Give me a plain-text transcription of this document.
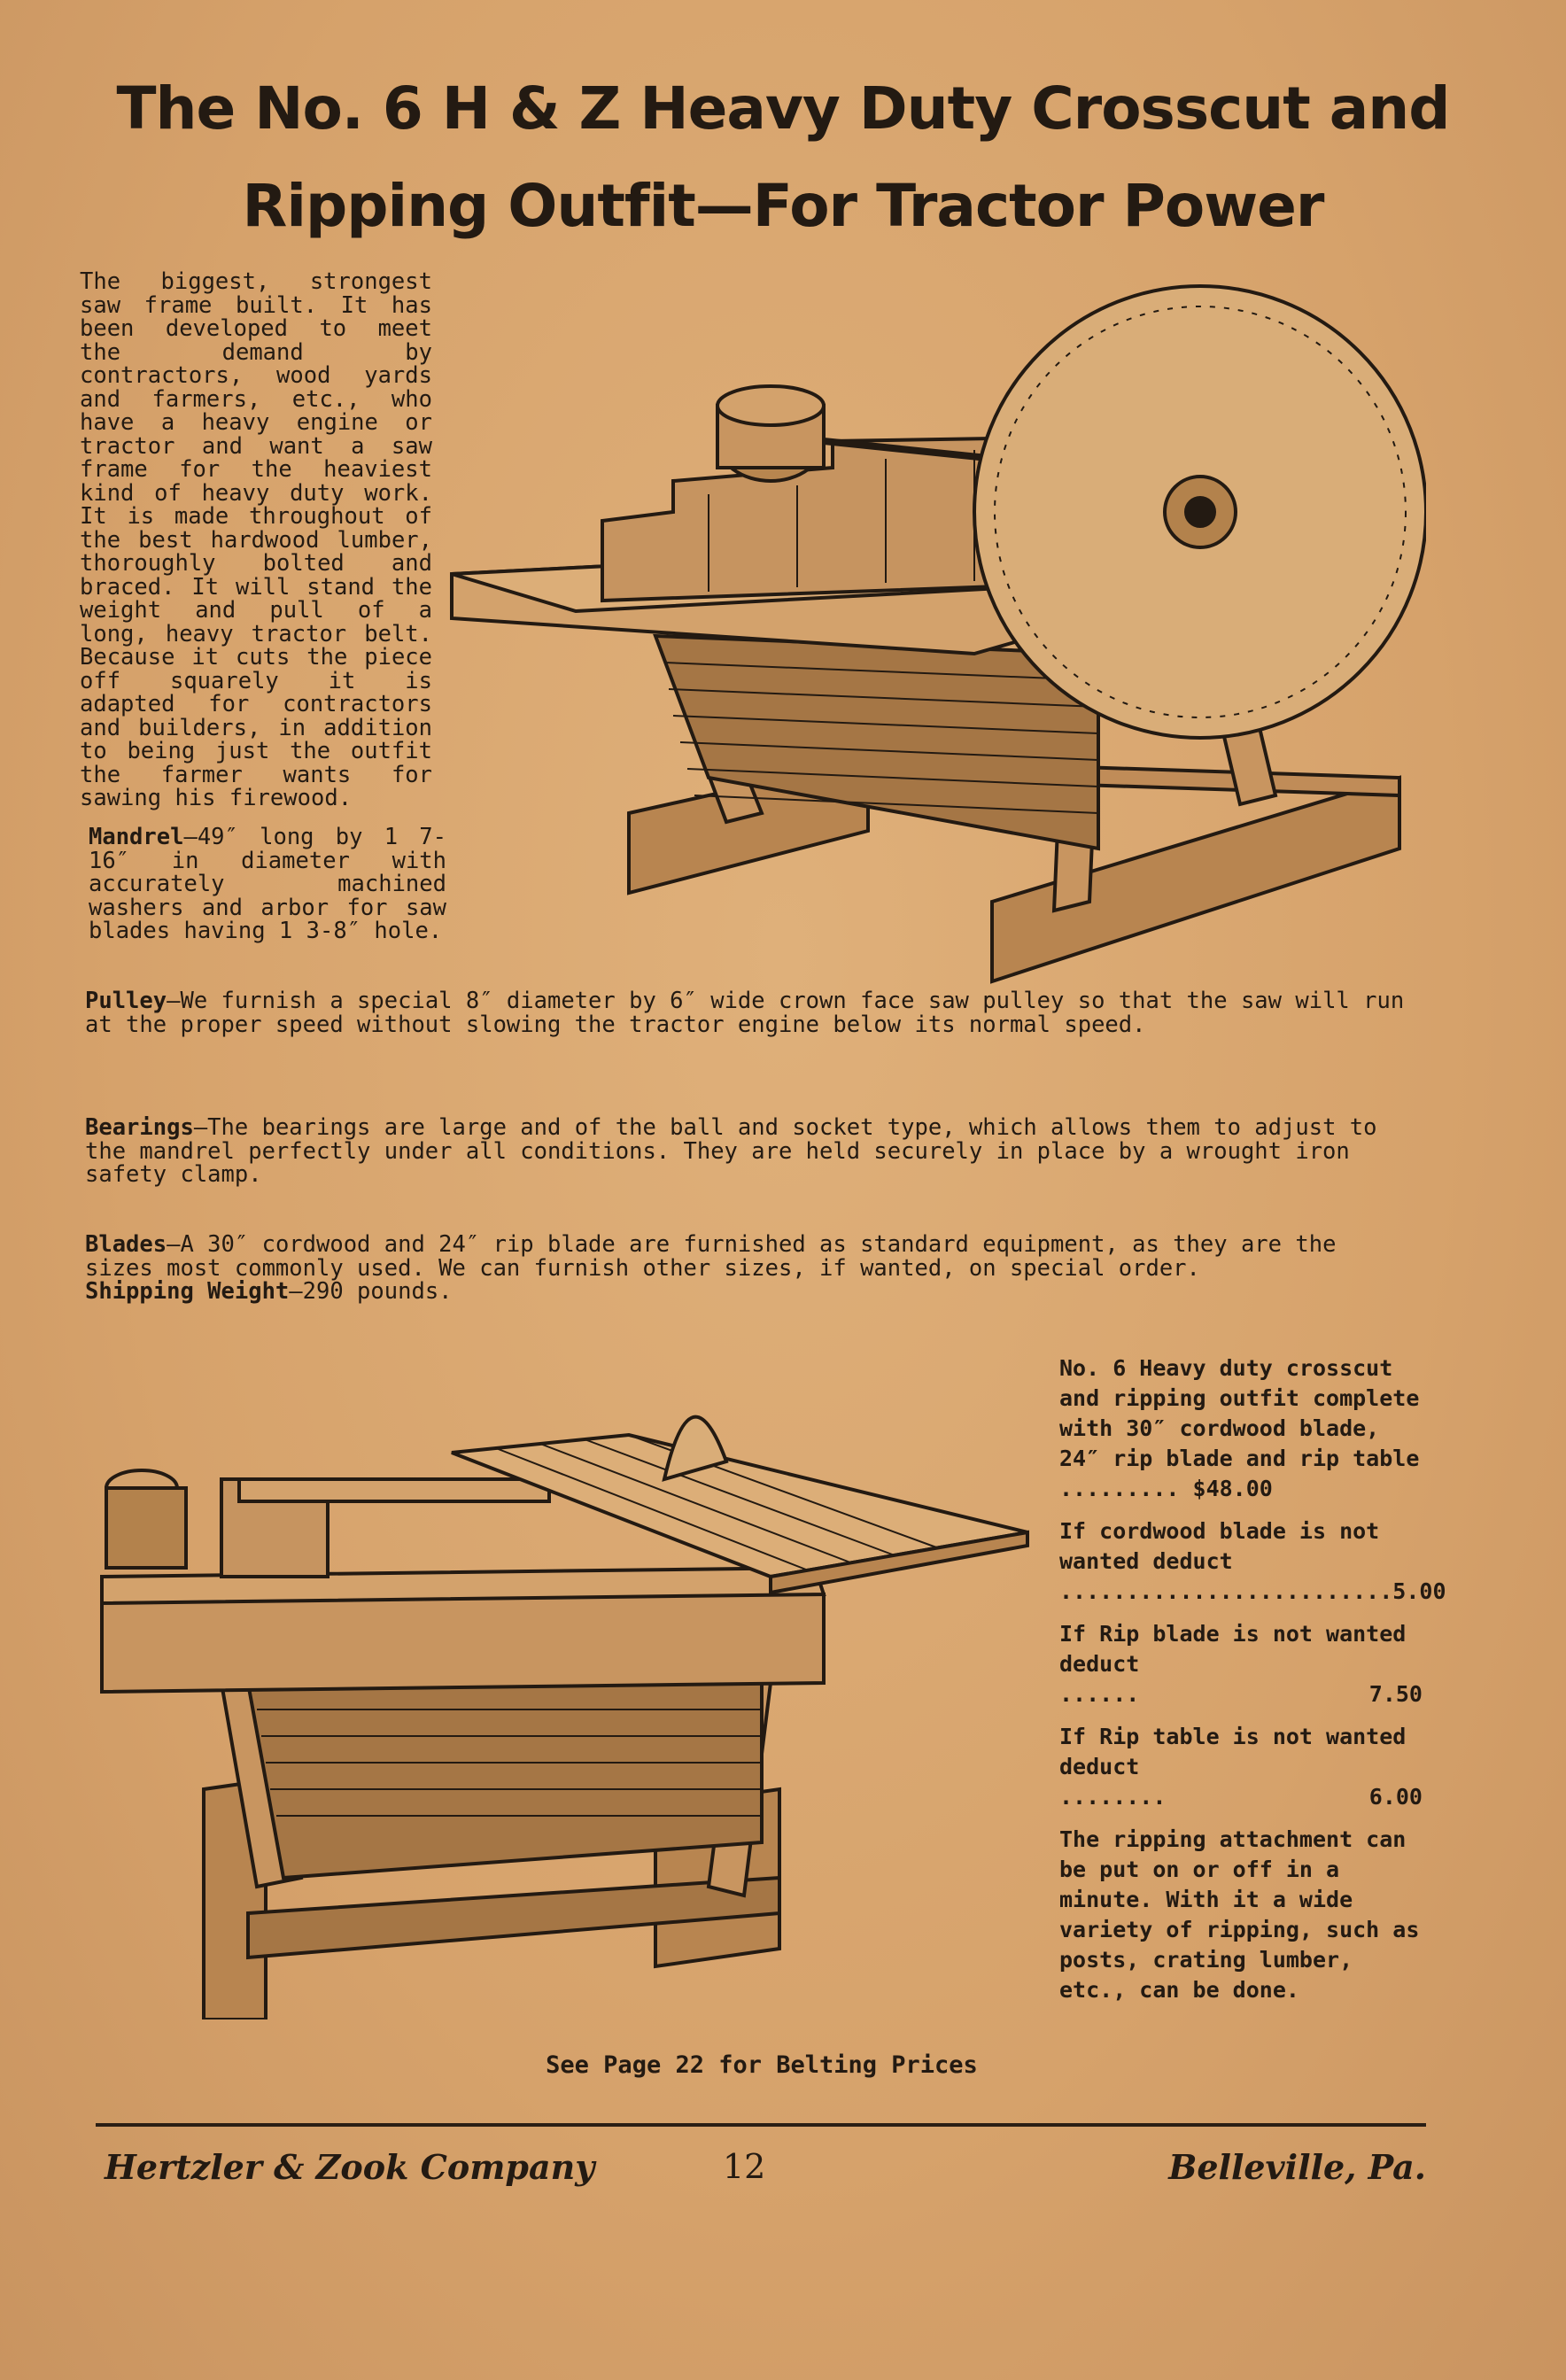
The No. 6 H & Z Heavy Duty Crosscut and
Ripping Outfit—For Tractor Power
The biggest, strongest saw frame built. It has been developed to meet the demand by contractors, wood yards and farmers, etc., who have a heavy engine or tractor and want a saw frame for the heaviest kind of heavy duty work. It is made throughout of the best hardwood lumber, thoroughly bolted and braced. It will stand the weight and pull of a long, heavy tractor belt. Because it cuts the piece off squarely it is adapted for contractors and builders, in addition to being just the outfit the farmer wants for sawing his firewood.
Mandrel—49″ long by 1 7-16″ in diameter with accurately machined washers and arbor for saw blades having 1 3-8″ hole.
Pulley—We furnish a special 8″ diameter by 6″ wide crown face saw pulley so that the saw will run at the proper speed without slowing the tractor engine below its normal speed.
Bearings—The bearings are large and of the ball and socket type, which allows them to adjust to the mandrel perfectly under all conditions. They are held securely in place by a wrought iron safety clamp.
Blades—A 30″ cordwood and 24″ rip blade are furnished as standard equipment, as they are the sizes most commonly used. We can furnish other sizes, if wanted, on special order.
Shipping Weight—290 pounds.

No. 6 Heavy duty crosscut and ripping outfit complete with 30″ cordwood blade, 24″ rip blade and rip table ......... $48.00

If cordwood blade is not wanted deduct
......................... 5.00

If Rip blade is not wanted deduct
......	7.50

If Rip table is not wanted deduct
........	6.00

The ripping attachment can be put on or off in a minute. With it a wide variety of ripping, such as posts, crating lumber, etc., can be done.

See Page 22 for Belting Prices
Hertzler & Zook Company	12	Belleville, Pa.
